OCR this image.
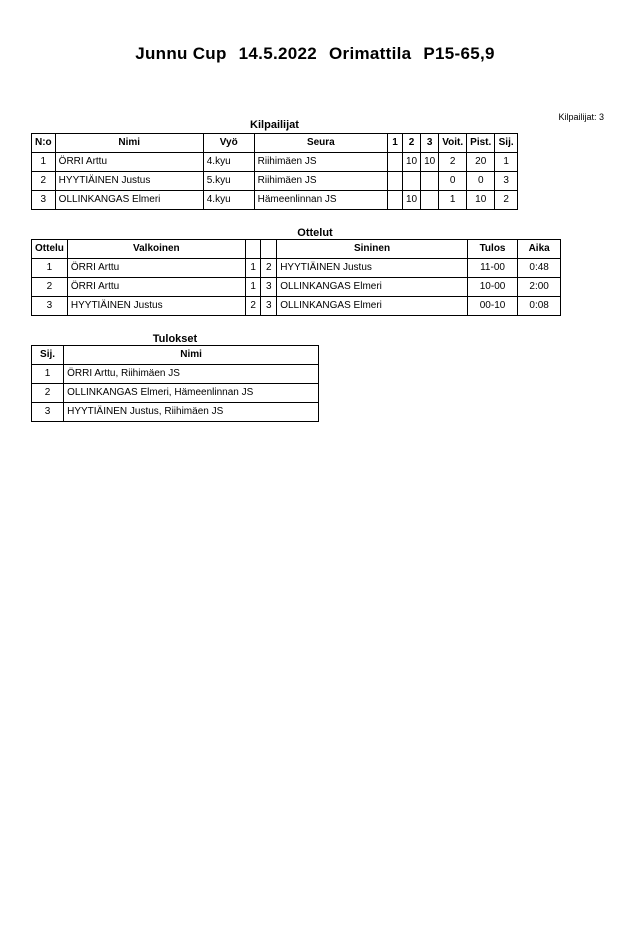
Junnu Cup 14.5.2022 Orimattila P15-65,9
Kilpailijat
Kilpailijat: 3
N:o	Nimi	Vyö	Seura	1	2	3	Voit.	Pist.	Sij.
1	ÖRRI Arttu	4.kyu	Riihimäen JS		10	10	2	20	1
2	HYYTIÄINEN Justus	5.kyu	Riihimäen JS				0	0	3
3	OLLINKANGAS Elmeri	4.kyu	Hämeenlinnan JS		10		1	10	2
Ottelut
Ottelu	Valkoinen			Sininen	Tulos	Aika
1	ÖRRI Arttu	1	2	HYYTIÄINEN Justus	11-00	0:48
2	ÖRRI Arttu	1	3	OLLINKANGAS Elmeri	10-00	2:00
3	HYYTIÄINEN Justus	2	3	OLLINKANGAS Elmeri	00-10	0:08
Tulokset
Sij.	Nimi
1	ÖRRI Arttu, Riihimäen JS
2	OLLINKANGAS Elmeri, Hämeenlinnan JS
3	HYYTIÄINEN Justus, Riihimäen JS
